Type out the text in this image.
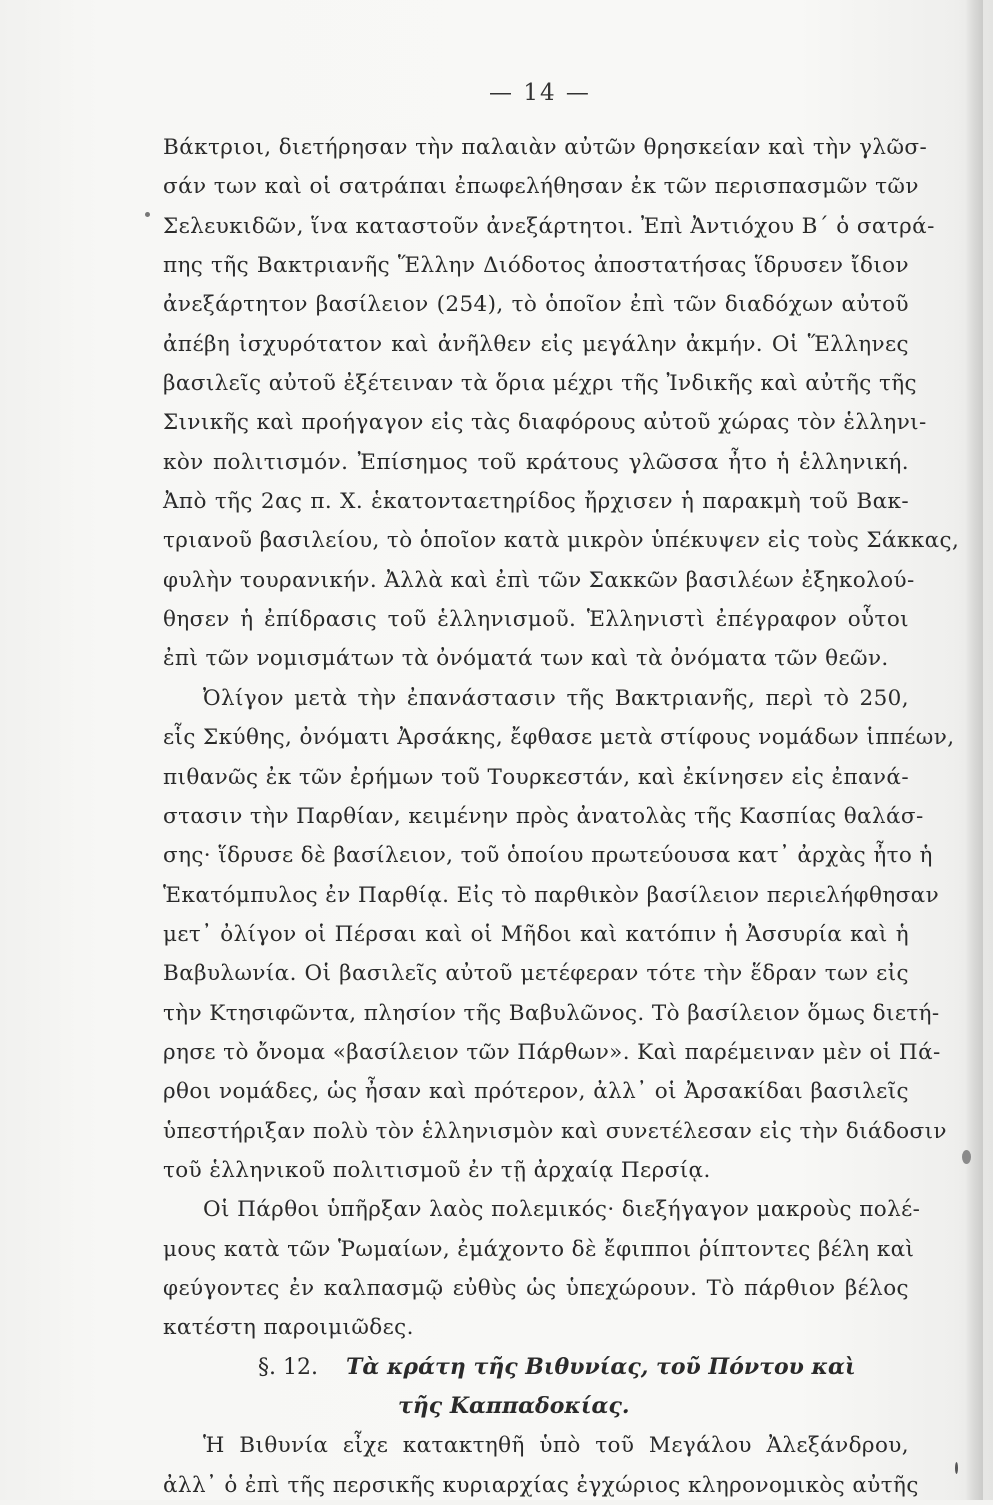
— 14 —
Βάκτριοι, διετήρησαν τὴν παλαιὰν αὐτῶν θρησκείαν καὶ τὴν γλῶσ-
σάν των καὶ οἱ σατράπαι ἐπωφελήθησαν ἐκ τῶν περισπασμῶν τῶν
Σελευκιδῶν, ἵνα καταστοῦν ἀνεξάρτητοι. Ἐπὶ Ἀντιόχου Β΄ ὁ σατρά-
πης τῆς Βακτριανῆς Ἕλλην Διόδοτος ἀποστατήσας ἵδρυσεν ἴδιον
ἀνεξάρτητον βασίλειον (254), τὸ ὁποῖον ἐπὶ τῶν διαδόχων αὐτοῦ
ἀπέβη ἰσχυρότατον καὶ ἀνῆλθεν εἰς μεγάλην ἀκμήν. Οἱ Ἕλληνες
βασιλεῖς αὐτοῦ ἐξέτειναν τὰ ὅρια μέχρι τῆς Ἰνδικῆς καὶ αὐτῆς τῆς
Σινικῆς καὶ προήγαγον εἰς τὰς διαφόρους αὐτοῦ χώρας τὸν ἑλληνι-
κὸν πολιτισμόν. Ἐπίσημος τοῦ κράτους γλῶσσα ἦτο ἡ ἑλληνική.
Ἀπὸ τῆς 2ας π. Χ. ἑκατονταετηρίδος ἤρχισεν ἡ παρακμὴ τοῦ Βακ-
τριανοῦ βασιλείου, τὸ ὁποῖον κατὰ μικρὸν ὑπέκυψεν εἰς τοὺς Σάκκας,
φυλὴν τουρανικήν. Ἀλλὰ καὶ ἐπὶ τῶν Σακκῶν βασιλέων ἐξηκολού-
θησεν ἡ ἐπίδρασις τοῦ ἑλληνισμοῦ. Ἑλληνιστὶ ἐπέγραφον οὗτοι
ἐπὶ τῶν νομισμάτων τὰ ὀνόματά των καὶ τὰ ὀνόματα τῶν θεῶν.
Ὀλίγον μετὰ τὴν ἐπανάστασιν τῆς Βακτριανῆς, περὶ τὸ 250,
εἷς Σκύθης, ὀνόματι Ἀρσάκης, ἔφθασε μετὰ στίφους νομάδων ἱππέων,
πιθανῶς ἐκ τῶν ἐρήμων τοῦ Τουρκεστάν, καὶ ἐκίνησεν εἰς ἐπανά-
στασιν τὴν Παρθίαν, κειμένην πρὸς ἀνατολὰς τῆς Κασπίας θαλάσ-
σης· ἵδρυσε δὲ βασίλειον, τοῦ ὁποίου πρωτεύουσα κατ᾽ ἀρχὰς ἦτο ἡ
Ἑκατόμπυλος ἐν Παρθίᾳ. Εἰς τὸ παρθικὸν βασίλειον περιελήφθησαν
μετ᾽ ὀλίγον οἱ Πέρσαι καὶ οἱ Μῆδοι καὶ κατόπιν ἡ Ἀσσυρία καὶ ἡ
Βαβυλωνία. Οἱ βασιλεῖς αὐτοῦ μετέφεραν τότε τὴν ἕδραν των εἰς
τὴν Κτησιφῶντα, πλησίον τῆς Βαβυλῶνος. Τὸ βασίλειον ὅμως διετή-
ρησε τὸ ὄνομα «βασίλειον τῶν Πάρθων». Καὶ παρέμειναν μὲν οἱ Πά-
ρθοι νομάδες, ὡς ἦσαν καὶ πρότερον, ἀλλ᾽ οἱ Ἀρσακίδαι βασιλεῖς
ὑπεστήριξαν πολὺ τὸν ἑλληνισμὸν καὶ συνετέλεσαν εἰς τὴν διάδοσιν
τοῦ ἑλληνικοῦ πολιτισμοῦ ἐν τῇ ἀρχαίᾳ Περσίᾳ.
Οἱ Πάρθοι ὑπῆρξαν λαὸς πολεμικός· διεξήγαγον μακροὺς πολέ-
μους κατὰ τῶν Ῥωμαίων, ἐμάχοντο δὲ ἔφιπποι ῥίπτοντες βέλη καὶ
φεύγοντες ἐν καλπασμῷ εὐθὺς ὡς ὑπεχώρουν. Τὸ πάρθιον βέλος
κατέστη παροιμιῶδες.
§. 12. Τὰ κράτη τῆς Βιθυνίας, τοῦ Πόντου καὶ
τῆς Καππαδοκίας.
Ἡ Βιθυνία εἶχε κατακτηθῆ ὑπὸ τοῦ Μεγάλου Ἀλεξάνδρου,
ἀλλ᾽ ὁ ἐπὶ τῆς περσικῆς κυριαρχίας ἐγχώριος κληρονομικὸς αὐτῆς
